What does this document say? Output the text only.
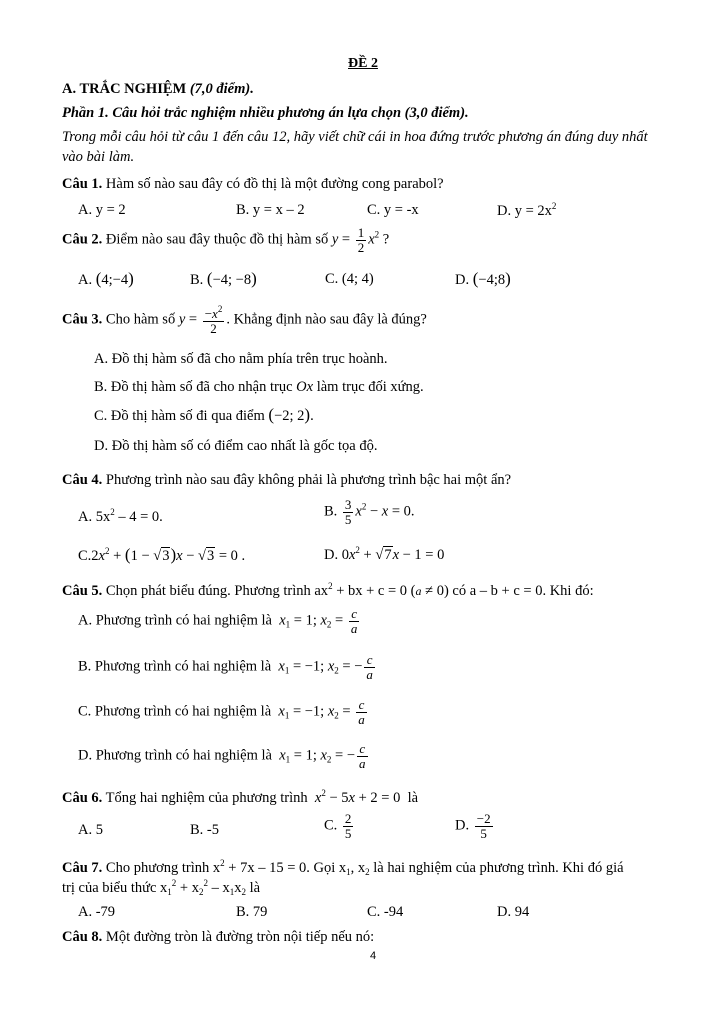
ĐỀ 2
A. TRẮC NGHIỆM (7,0 điểm).
Phần 1. Câu hỏi trắc nghiệm nhiều phương án lựa chọn (3,0 điểm).
Trong mỗi câu hỏi từ câu 1 đến câu 12, hãy viết chữ cái in hoa đứng trước phương án đúng duy nhất
vào bài làm.
Câu 1. Hàm số nào sau đây có đồ thị là một đường cong parabol?
A. y = 2	B. y = x – 2	C. y = -x	D. $y = 2x^2$
Câu 2. Điểm nào sau đây thuộc đồ thị hàm số $y = \frac{1}{2} x^2$ ?
A. (4;−4)	B. (−4; −8)	C. (4; 4)	D. (−4;8)
Câu 3. Cho hàm số $y = \frac{-x^2}{2}$ . Khẳng định nào sau đây là đúng?
A. Đồ thị hàm số đã cho nằm phía trên trục hoành.
B. Đồ thị hàm số đã cho nhận trục Ox làm trục đối xứng.
C. Đồ thị hàm số đi qua điểm (−2; 2).
D. Đồ thị hàm số có điểm cao nhất là gốc tọa độ.
Câu 4. Phương trình nào sau đây không phải là phương trình bậc hai một ẩn?
A. $5x^2 - 4 = 0$.	B. $\frac{3}{5} x^2 - x = 0$.
$C.2x^2 + (1 - √3)x - √3 = 0$ .	D. $0x^2 + √7x - 1 = 0$
Câu 5. Chọn phát biểu đúng. Phương trình $ax^2$ + bx + c = 0 (a ≠ 0) có a – b + c = 0. Khi đó:
A. Phương trình có hai nghiệm là $x_1 = 1$; $x_2 = \frac{c}{a}$
B. Phương trình có hai nghiệm là $x_1 = -1$; $x_2$ = − $\frac{c}{a}$
C. Phương trình có hai nghiệm là $x_1 = -1$; $x_2 = \frac{c}{a}$
D. Phương trình có hai nghiệm là $x_1 = 1$; $x_2$ = − $\frac{c}{a}$
Câu 6. Tổng hai nghiệm của phương trình $x^2 - 5x + 2 = 0$  là
A. 5	B. -5	C. $\frac{2}{5}$	D. $\frac{-2}{5}$
Câu 7. Cho phương trình $x^2 + 7x - 15 = 0$. Gọi $x_1$, $x_2$ là hai nghiệm của phương trình. Khi đó giá
trị của biểu thức $x_1^2 + x_2^2 - x_1x_2$ là
A. -79	B. 79	C. -94	D. 94
Câu 8. Một đường tròn là đường tròn nội tiếp nếu nó:
4
